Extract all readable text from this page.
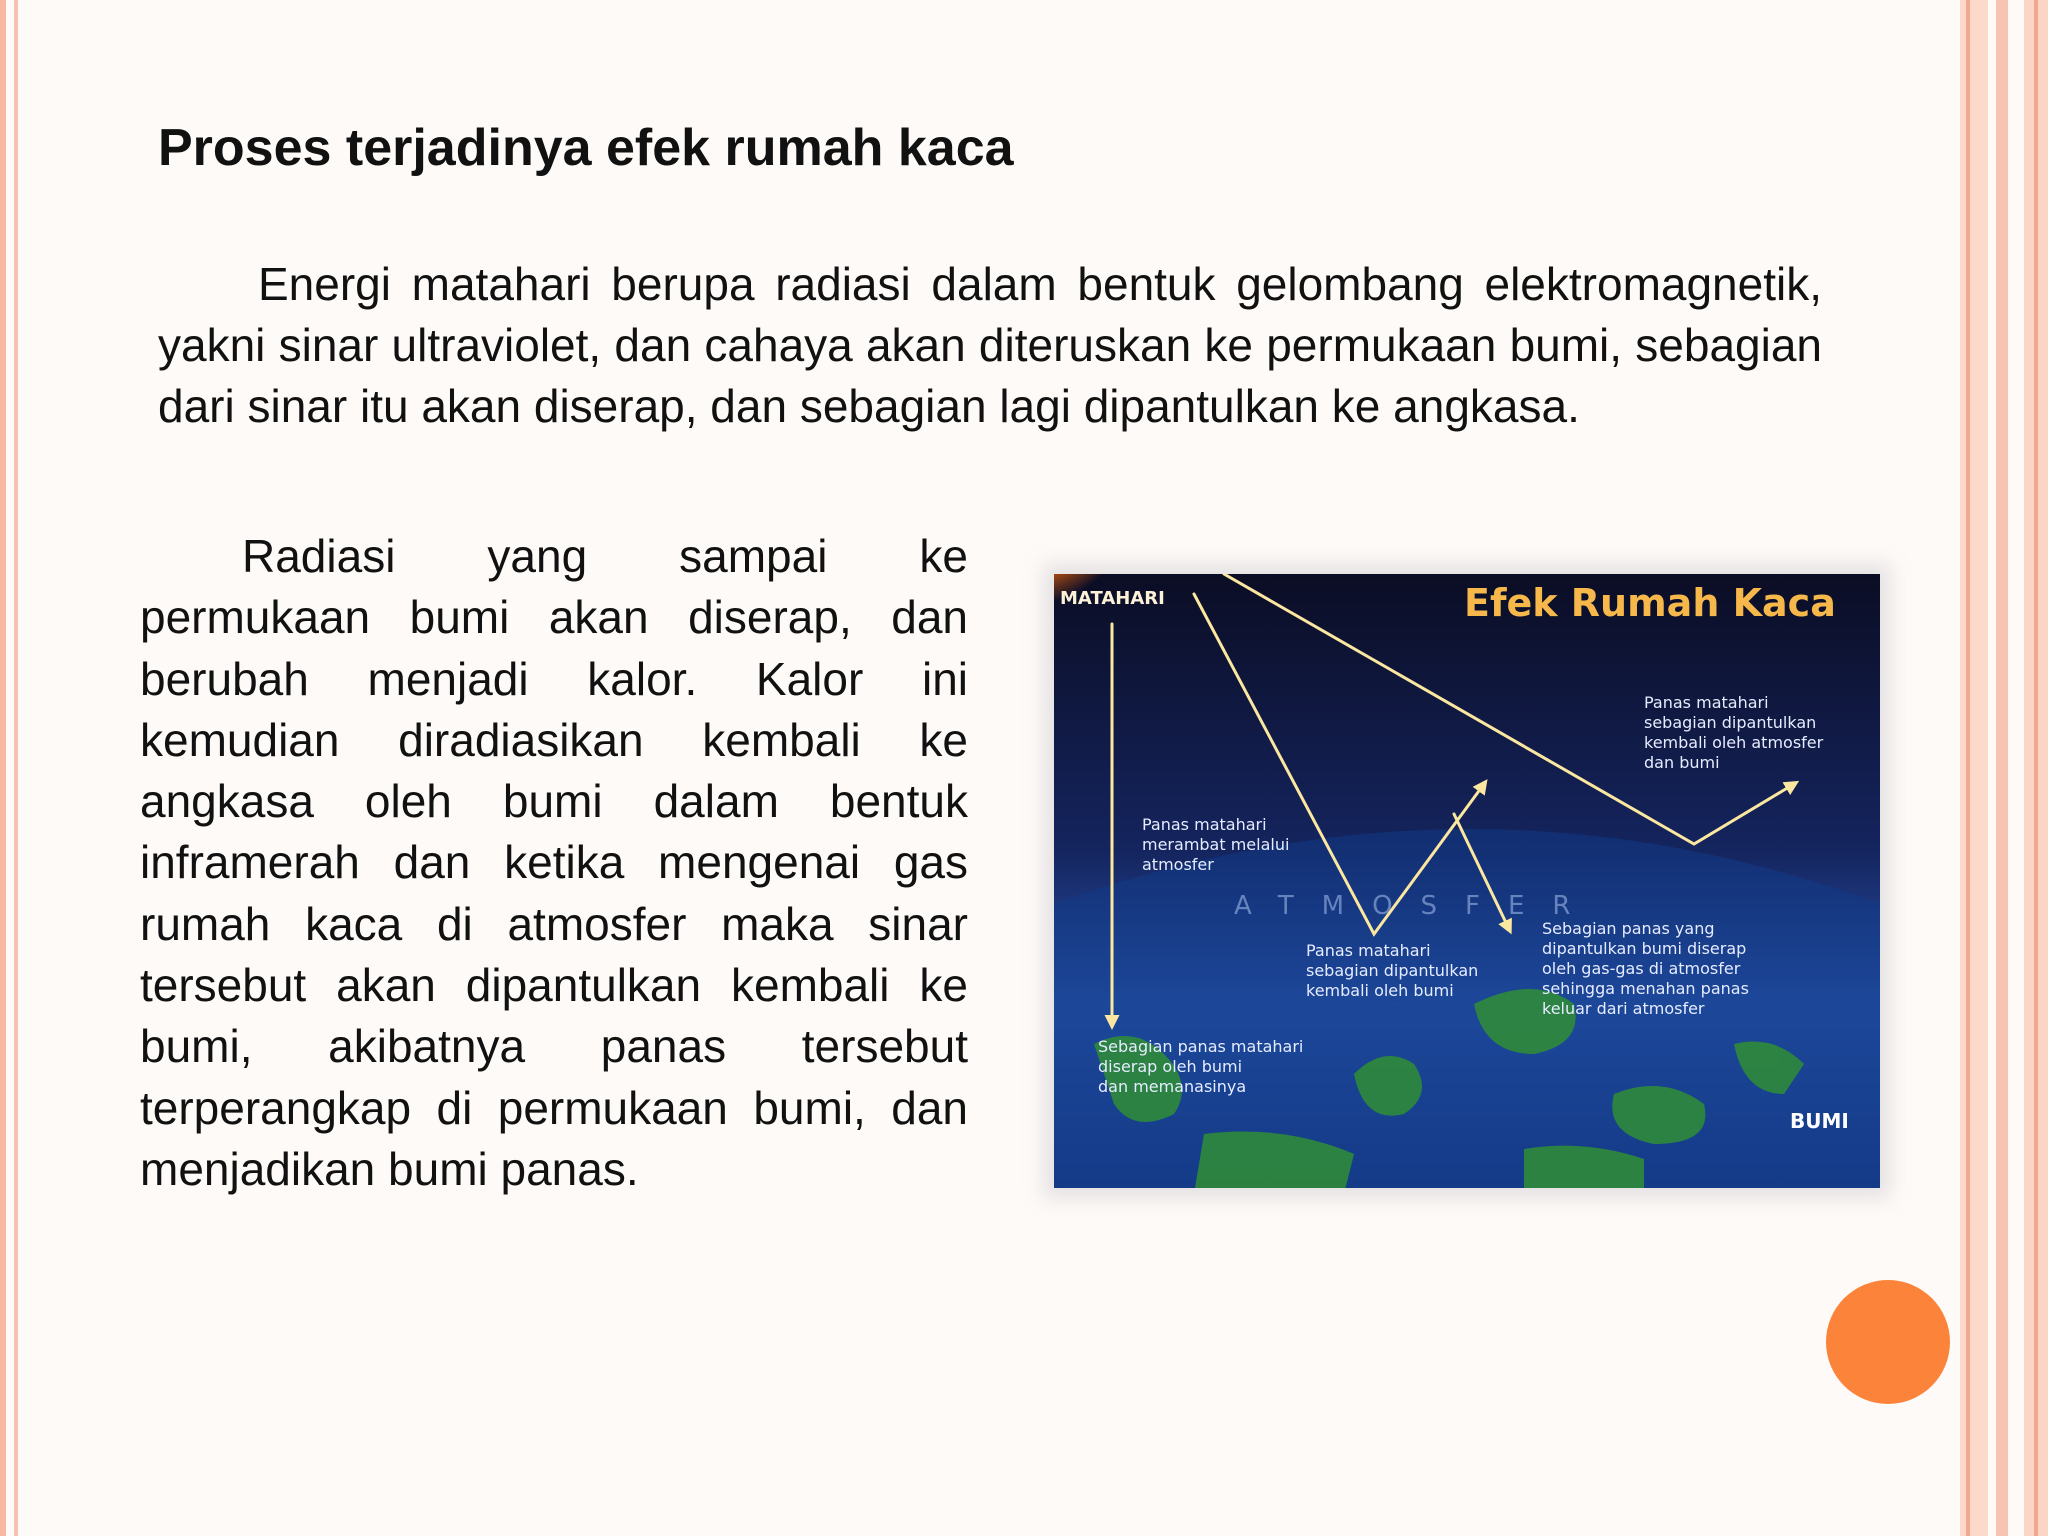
Proses terjadinya efek rumah kaca

Energi matahari berupa radiasi dalam bentuk gelombang elektromagnetik, yakni sinar ultraviolet, dan cahaya akan diteruskan ke permukaan bumi, sebagian dari sinar itu akan diserap, dan sebagian lagi dipantulkan ke angkasa.

Radiasi yang sampai ke permukaan bumi akan diserap, dan berubah menjadi kalor. Kalor ini kemudian diradiasikan kembali ke angkasa oleh bumi dalam bentuk inframerah dan ketika mengenai gas rumah kaca di atmosfer maka sinar tersebut akan dipantulkan kembali ke bumi, akibatnya panas tersebut terperangkap di permukaan bumi, dan menjadikan bumi panas.

ATMOSFER
Efek Rumah Kaca
MATAHARI
BUMI
Panas matahari merambat melalui atmosfer
Panas matahari sebagian dipantulkan kembali oleh bumi
Sebagian panas matahari diserap oleh bumi dan memanasinya
Panas matahari sebagian dipantulkan kembali oleh atmosfer dan bumi
Sebagian panas yang dipantulkan bumi diserap oleh gas-gas di atmosfer sehingga menahan panas keluar dari atmosfer
